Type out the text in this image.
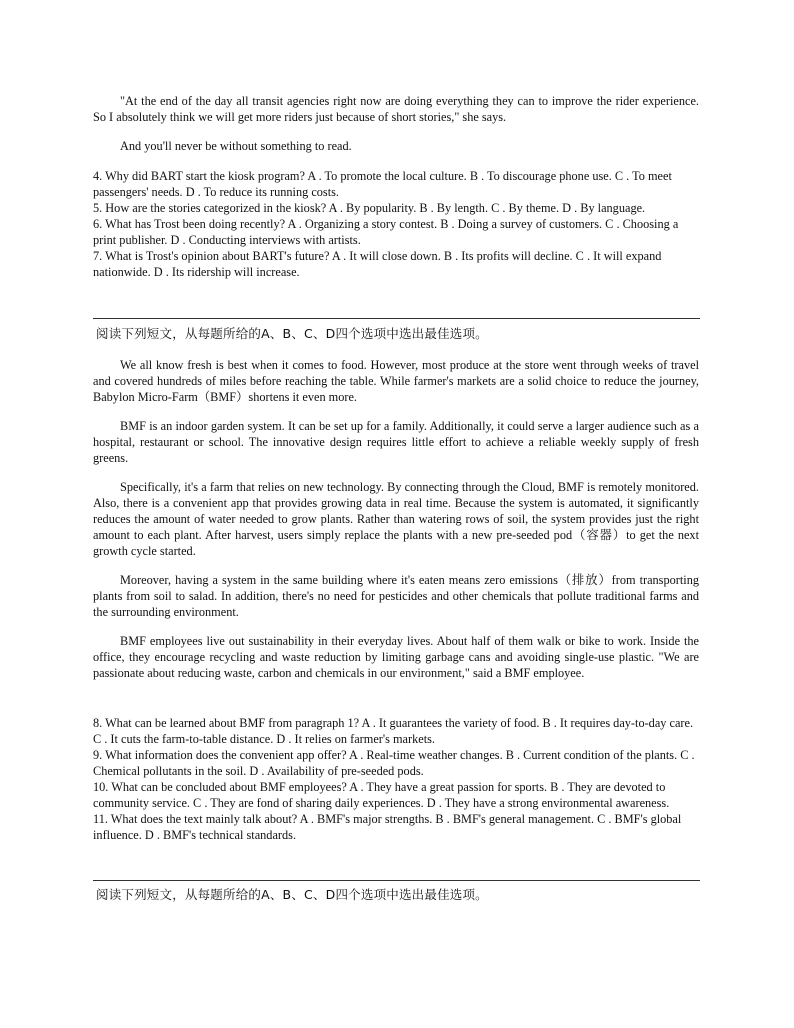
"At the end of the day all transit agencies right now are doing everything they can to improve the rider experience. So I absolutely think we will get more riders just because of short stories," she says.

And you'll never be without something to read.

4. Why did BART start the kiosk program? A . To promote the local culture. B . To discourage phone use. C . To meet passengers' needs. D . To reduce its running costs.

5. How are the stories categorized in the kiosk? A . By popularity. B . By length. C . By theme. D . By language.

6. What has Trost been doing recently? A . Organizing a story contest. B . Doing a survey of customers. C . Choosing a print publisher. D . Conducting interviews with artists.

7. What is Trost's opinion about BART's future? A . It will close down. B . Its profits will decline. C . It will expand nationwide. D . Its ridership will increase.

阅读下列短文，从每题所给的A、B、C、D四个选项中选出最佳选项。

We all know fresh is best when it comes to food. However, most produce at the store went through weeks of travel and covered hundreds of miles before reaching the table. While farmer's markets are a solid choice to reduce the journey, Babylon Micro-Farm（BMF）shortens it even more.

BMF is an indoor garden system. It can be set up for a family. Additionally, it could serve a larger audience such as a hospital, restaurant or school. The innovative design requires little effort to achieve a reliable weekly supply of fresh greens.

Specifically, it's a farm that relies on new technology. By connecting through the Cloud, BMF is remotely monitored. Also, there is a convenient app that provides growing data in real time. Because the system is automated, it significantly reduces the amount of water needed to grow plants. Rather than watering rows of soil, the system provides just the right amount to each plant. After harvest, users simply replace the plants with a new pre-seeded pod（容器）to get the next growth cycle started.

Moreover, having a system in the same building where it's eaten means zero emissions（排放）from transporting plants from soil to salad. In addition, there's no need for pesticides and other chemicals that pollute traditional farms and the surrounding environment.

BMF employees live out sustainability in their everyday lives. About half of them walk or bike to work. Inside the office, they encourage recycling and waste reduction by limiting garbage cans and avoiding single-use plastic. "We are passionate about reducing waste, carbon and chemicals in our environment," said a BMF employee.

8. What can be learned about BMF from paragraph 1? A . It guarantees the variety of food. B . It requires day-to-day care. C . It cuts the farm-to-table distance. D . It relies on farmer's markets.

9. What information does the convenient app offer? A . Real-time weather changes. B . Current condition of the plants. C . Chemical pollutants in the soil. D . Availability of pre-seeded pods.

10. What can be concluded about BMF employees? A . They have a great passion for sports. B . They are devoted to community service. C . They are fond of sharing daily experiences. D . They have a strong environmental awareness.

11. What does the text mainly talk about? A . BMF's major strengths. B . BMF's general management. C . BMF's global influence. D . BMF's technical standards.

阅读下列短文，从每题所给的A、B、C、D四个选项中选出最佳选项。
